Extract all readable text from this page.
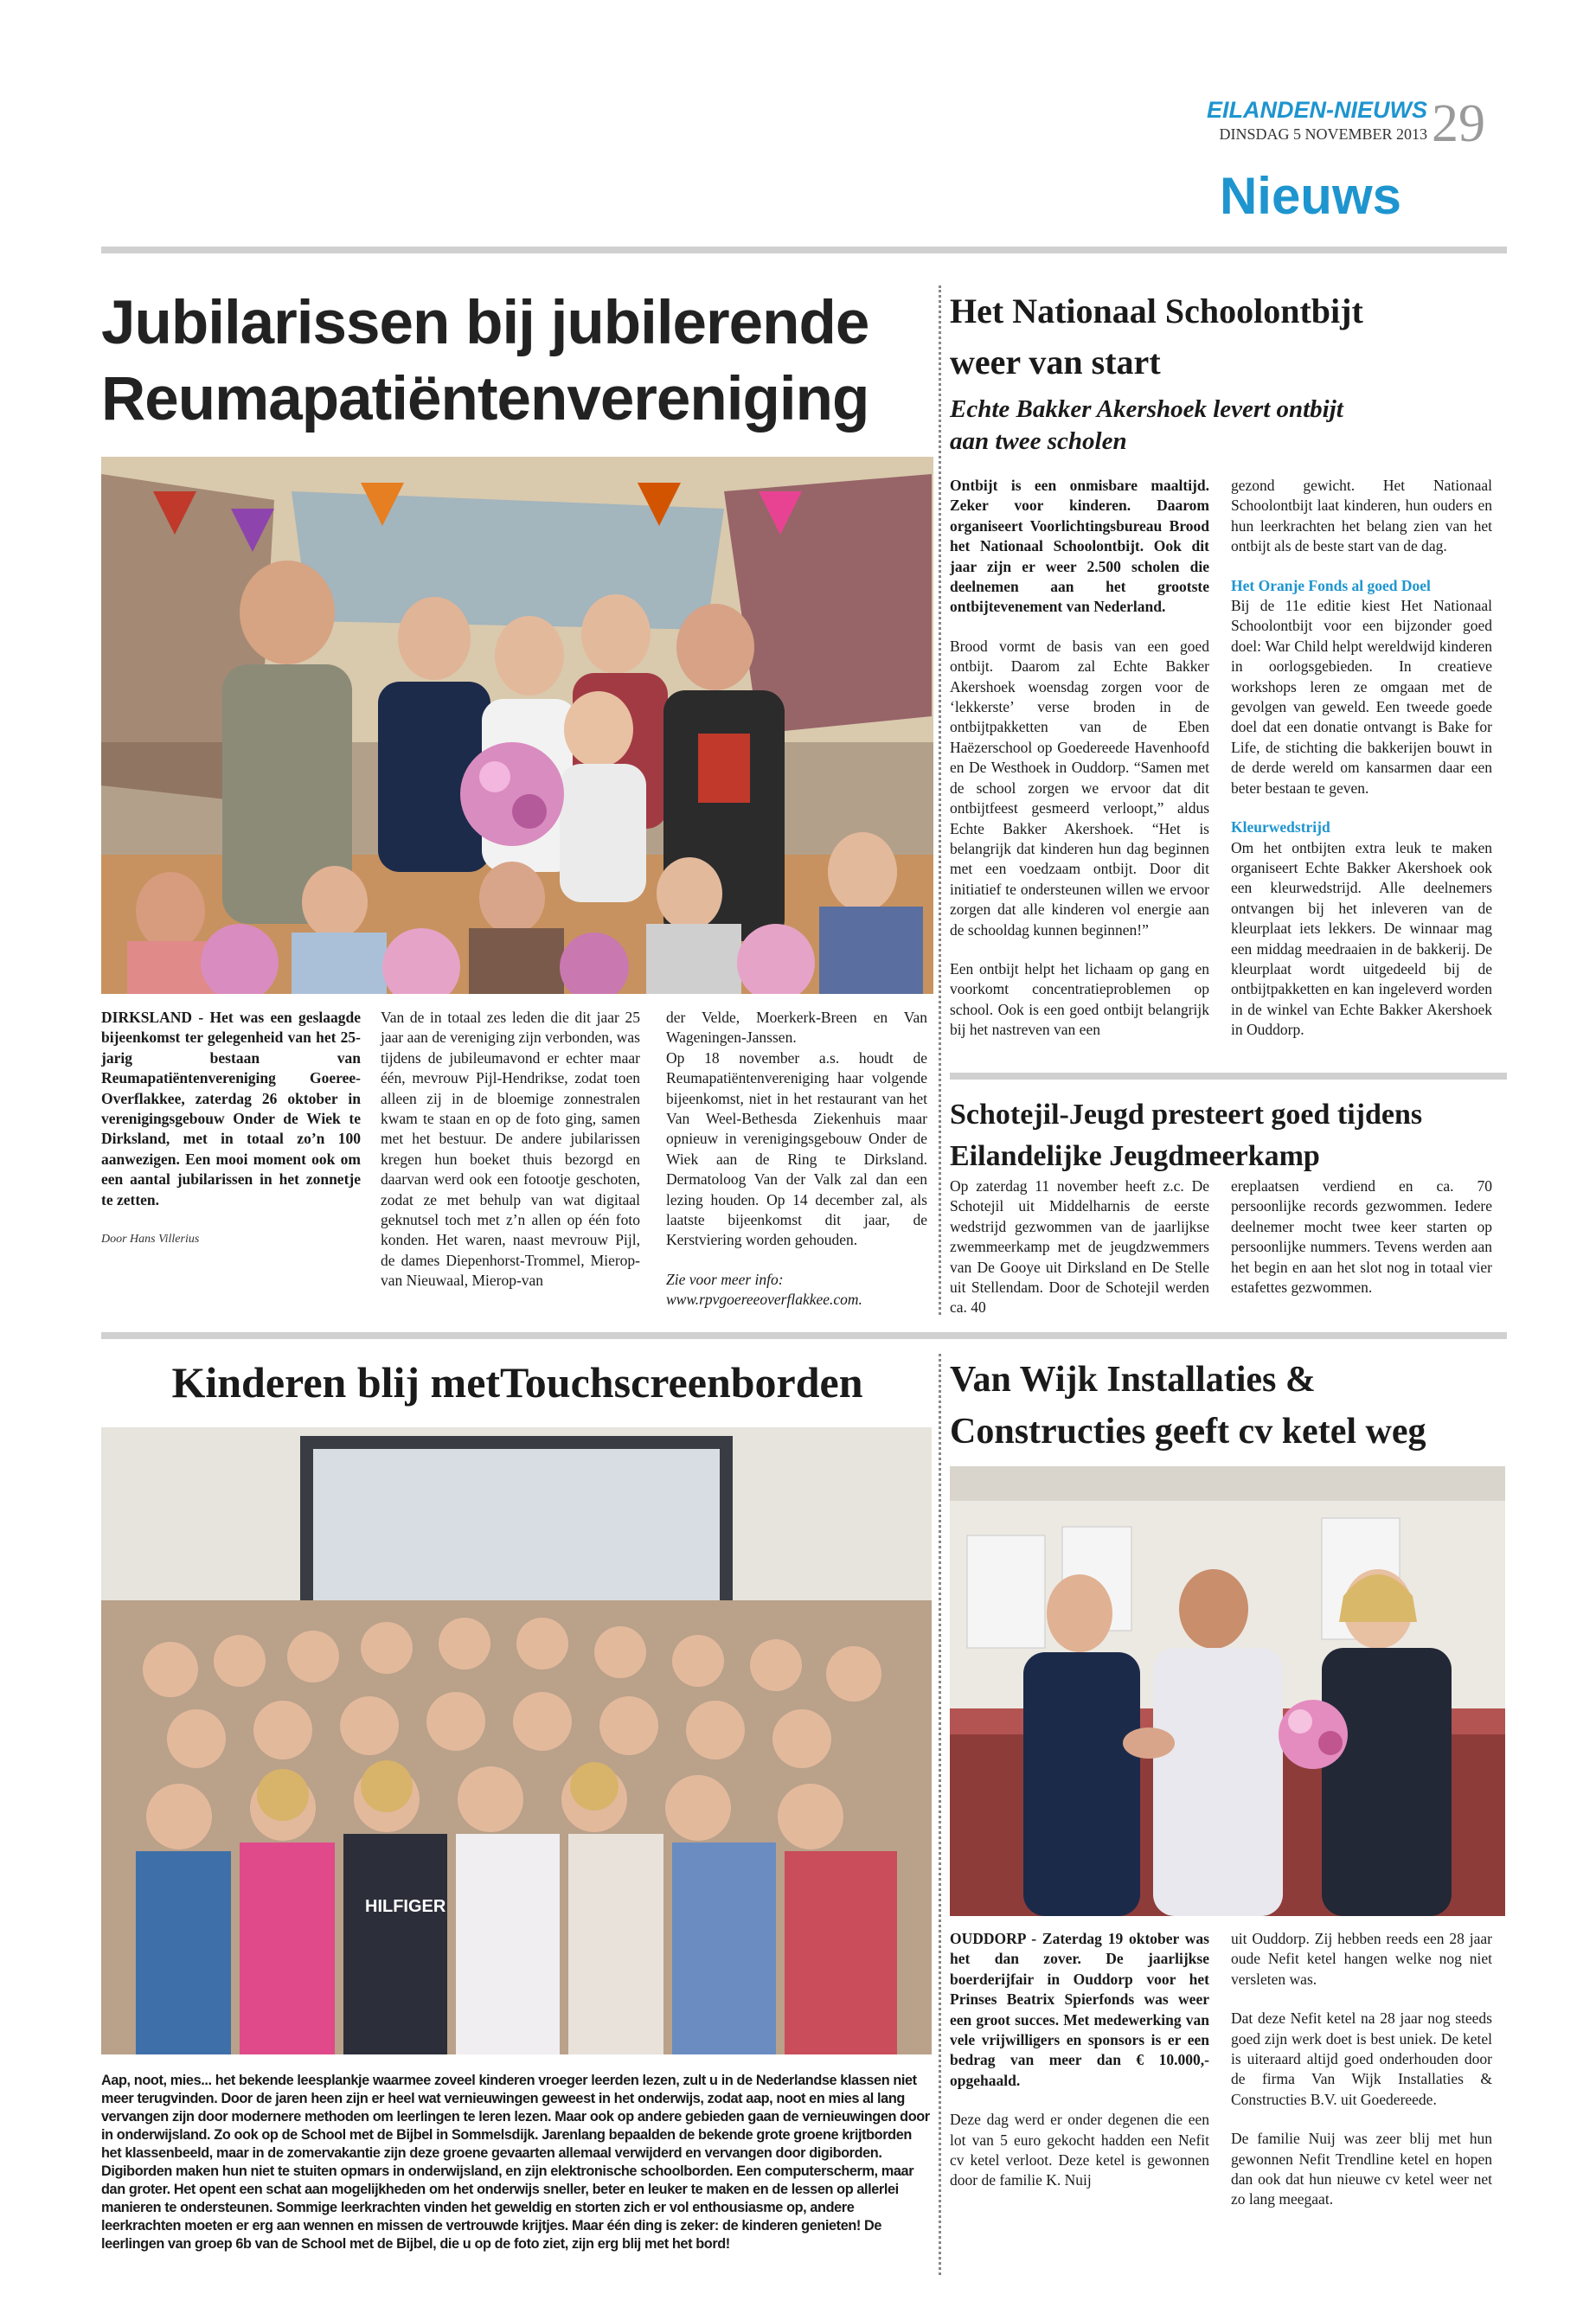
EILANDEN-NIEUWS
DINSDAG 5 NOVEMBER 2013 29
Nieuws
Jubilarissen bij jubilerende
Reumapatiëntenvereniging

DIRKSLAND - Het was een geslaagde bijeenkomst ter gelegenheid van het 25-jarig bestaan van Reumapatiëntenvereniging Goeree-Overflakkee, zaterdag 26 oktober in verenigingsgebouw Onder de Wiek te Dirksland, met in totaal zo’n 100 aanwezigen. Een mooi moment ook om een aantal jubilarissen in het zonnetje te zetten.

Door Hans Villerius

Van de in totaal zes leden die dit jaar 25 jaar aan de vereniging zijn verbonden, was tijdens de jubileumavond er echter maar één, mevrouw Pijl-Hendrikse, zodat toen alleen zij in de bloemige zonnestralen kwam te staan en op de foto ging, samen met het bestuur. De andere jubilarissen kregen hun boeket thuis bezorgd en daarvan werd ook een fotootje geschoten, zodat ze met behulp van wat digitaal geknutsel toch met z’n allen op één foto konden. Het waren, naast mevrouw Pijl, de dames Diepenhorst-Trommel, Mierop-van Nieuwaal, Mierop-van

der Velde, Moerkerk-Breen en Van Wageningen-Janssen.

Op 18 november a.s. houdt de Reumapatiëntenvereniging haar volgende bijeenkomst, niet in het restaurant van het Van Weel-Bethesda Ziekenhuis maar opnieuw in verenigingsgebouw Onder de Wiek aan de Ring te Dirksland. Dermatoloog Van der Valk zal dan een lezing houden. Op 14 december zal, als laatste bijeenkomst dit jaar, de Kerstviering worden gehouden.

Zie voor meer info:
www.rpvgoereeoverflakkee.com.
Het Nationaal Schoolontbijt
weer van start
Echte Bakker Akershoek levert ontbijt
aan twee scholen

Ontbijt is een onmisbare maaltijd. Zeker voor kinderen. Daarom organiseert Voorlichtingsbureau Brood het Nationaal Schoolontbijt. Ook dit jaar zijn er weer 2.500 scholen die deelnemen aan het grootste ontbijtevenement van Nederland.

Brood vormt de basis van een goed ontbijt. Daarom zal Echte Bakker Akershoek woensdag zorgen voor de ‘lekkerste’ verse broden in de ontbijtpakketten van de Eben Haëzerschool op Goedereede Havenhoofd en De Westhoek in Ouddorp. “Samen met de school zorgen we ervoor dat dit ontbijtfeest gesmeerd verloopt,” aldus Echte Bakker Akershoek. “Het is belangrijk dat kinderen hun dag beginnen met een voedzaam ontbijt. Door dit initiatief te ondersteunen willen we ervoor zorgen dat alle kinderen vol energie aan de schooldag kunnen beginnen!”

Een ontbijt helpt het lichaam op gang en voorkomt concentratieproblemen op school. Ook is een goed ontbijt belangrijk bij het nastreven van een

gezond gewicht. Het Nationaal Schoolontbijt laat kinderen, hun ouders en hun leerkrachten het belang zien van het ontbijt als de beste start van de dag.

Het Oranje Fonds al goed Doel

Bij de 11e editie kiest Het Nationaal Schoolontbijt voor een bijzonder goed doel: War Child helpt wereldwijd kinderen in oorlogsgebieden. In creatieve workshops leren ze omgaan met de gevolgen van geweld. Een tweede goede doel dat een donatie ontvangt is Bake for Life, de stichting die bakkerijen bouwt in de derde wereld om kansarmen daar een beter bestaan te geven.

Kleurwedstrijd

Om het ontbijten extra leuk te maken organiseert Echte Bakker Akershoek ook een kleurwedstrijd. Alle deelnemers ontvangen bij het inleveren van de kleurplaat iets lekkers. De winnaar mag een middag meedraaien in de bakkerij. De kleurplaat wordt uitgedeeld bij de ontbijtpakketten en kan ingeleverd worden in de winkel van Echte Bakker Akershoek in Ouddorp.

Schotejil-Jeugd presteert goed tijdens
Eilandelijke Jeugdmeerkamp

Op zaterdag 11 november heeft z.c. De Schotejil uit Middelharnis de eerste wedstrijd gezwommen van de jaarlijkse zwemmeerkamp met de jeugdzwemmers van De Gooye uit Dirksland en De Stelle uit Stellendam. Door de Schotejil werden ca. 40

ereplaatsen verdiend en ca. 70 persoonlijke records gezwommen. Iedere deelnemer mocht twee keer starten op persoonlijke nummers. Tevens werden aan het begin en aan het slot nog in totaal vier estafettes gezwommen.

Kinderen blij metTouchscreenborden
HILFIGER
Aap, noot, mies... het bekende leesplankje waarmee zoveel kinderen vroeger leerden lezen, zult u in de Nederlandse klassen niet meer terugvinden. Door de jaren heen zijn er heel wat vernieuwingen geweest in het onderwijs, zodat aap, noot en mies al lang vervangen zijn door modernere methoden om leerlingen te leren lezen. Maar ook op andere gebieden gaan de vernieuwingen door in onderwijsland. Zo ook op de School met de Bijbel in Sommelsdijk. Jarenlang bepaalden de bekende grote groene krijtborden het klassenbeeld, maar in de zomervakantie zijn deze groene gevaarten allemaal verwijderd en vervangen door digiborden. Digiborden maken hun niet te stuiten opmars in onderwijsland, en zijn elektronische schoolborden. Een computerscherm, maar dan groter. Het opent een schat aan mogelijkheden om het onderwijs sneller, beter en leuker te maken en de lessen op allerlei manieren te ondersteunen. Sommige leerkrachten vinden het geweldig en storten zich er vol enthousiasme op, andere leerkrachten moeten er erg aan wennen en missen de vertrouwde krijtjes. Maar één ding is zeker: de kinderen genieten! De leerlingen van groep 6b van de School met de Bijbel, die u op de foto ziet, zijn erg blij met het bord!
Van Wijk Installaties &
Constructies geeft cv ketel weg

OUDDORP - Zaterdag 19 oktober was het dan zover. De jaarlijkse boerderijfair in Ouddorp voor het Prinses Beatrix Spierfonds was weer een groot succes. Met medewerking van vele vrijwilligers en sponsors is er een bedrag van meer dan € 10.000,- opgehaald.

Deze dag werd er onder degenen die een lot van 5 euro gekocht hadden een Nefit cv ketel verloot. Deze ketel is gewonnen door de familie K. Nuij

uit Ouddorp. Zij hebben reeds een 28 jaar oude Nefit ketel hangen welke nog niet versleten was.

Dat deze Nefit ketel na 28 jaar nog steeds goed zijn werk doet is best uniek. De ketel is uiteraard altijd goed onderhouden door de firma Van Wijk Installaties & Constructies B.V. uit Goedereede.

De familie Nuij was zeer blij met hun gewonnen Nefit Trendline ketel en hopen dan ook dat hun nieuwe cv ketel weer net zo lang meegaat.
